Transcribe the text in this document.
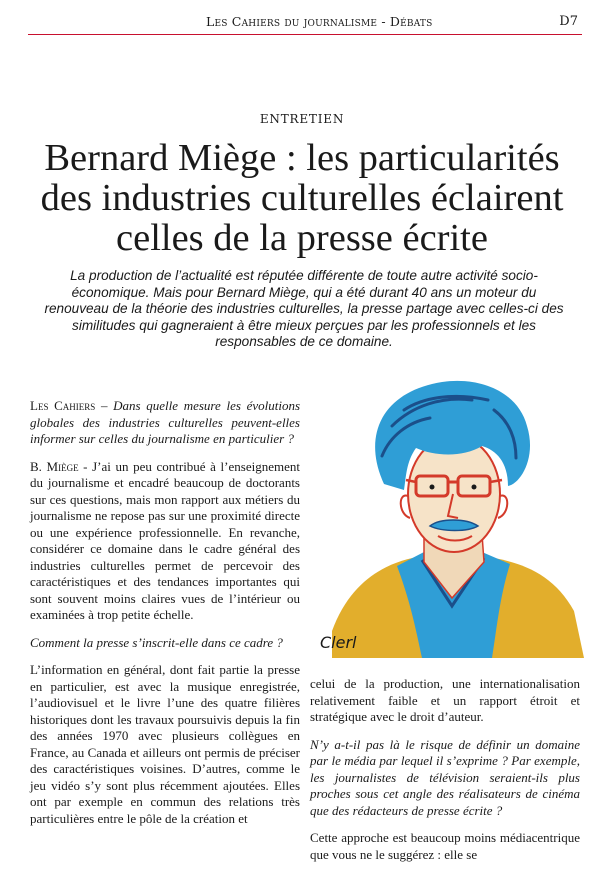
Les Cahiers du journalisme - Débats	D7
ENTRETIEN
Bernard Miège : les particularités des industries culturelles éclairent celles de la presse écrite

La production de l’actualité est réputée différente de toute autre activité socio-économique. Mais pour Bernard Miège, qui a été durant 40 ans un moteur du renouveau de la théorie des industries culturelles, la presse partage avec celles-ci des similitudes qui gagneraient à être mieux perçues par les professionnels et les responsables de ce domaine.

Les Cahiers – Dans quelle mesure les évolutions globales des industries culturelles peuvent-elles informer sur celles du journalisme en particulier ?

B. Miège - J’ai un peu contribué à l’enseignement du journalisme et encadré beaucoup de doctorants sur ces questions, mais mon rapport aux métiers du journalisme ne repose pas sur une proximité directe ou une expérience professionnelle. En revanche, considérer ce domaine dans le cadre général des industries culturelles permet de percevoir des caractéristiques et des tendances importantes qui sont souvent moins claires vues de l’intérieur ou examinées à trop petite échelle.

Comment la presse s’inscrit-elle dans ce cadre ?

L’information en général, dont fait partie la presse en particulier, est avec la musique enregistrée, l’audiovisuel et le livre l’une des quatre filières historiques dont les travaux poursuivis depuis la fin des années 1970 avec plusieurs collègues en France, au Canada et ailleurs ont permis de préciser des caractéristiques voisines. D’autres, comme le jeu vidéo s’y sont plus récemment ajoutées. Elles ont par exemple en commun des relations très particulières entre le pôle de la création et

celui de la production, une internationalisation relativement faible et un rapport étroit et stratégique avec le droit d’auteur.

N’y a-t-il pas là le risque de définir un domaine par le média par lequel il s’exprime ? Par exemple, les journalistes de télévision seraient-ils plus proches sous cet angle des réalisateurs de cinéma que des rédacteurs de presse écrite ?

Cette approche est beaucoup moins médiacentrique que vous ne le suggérez : elle se

Clerl
